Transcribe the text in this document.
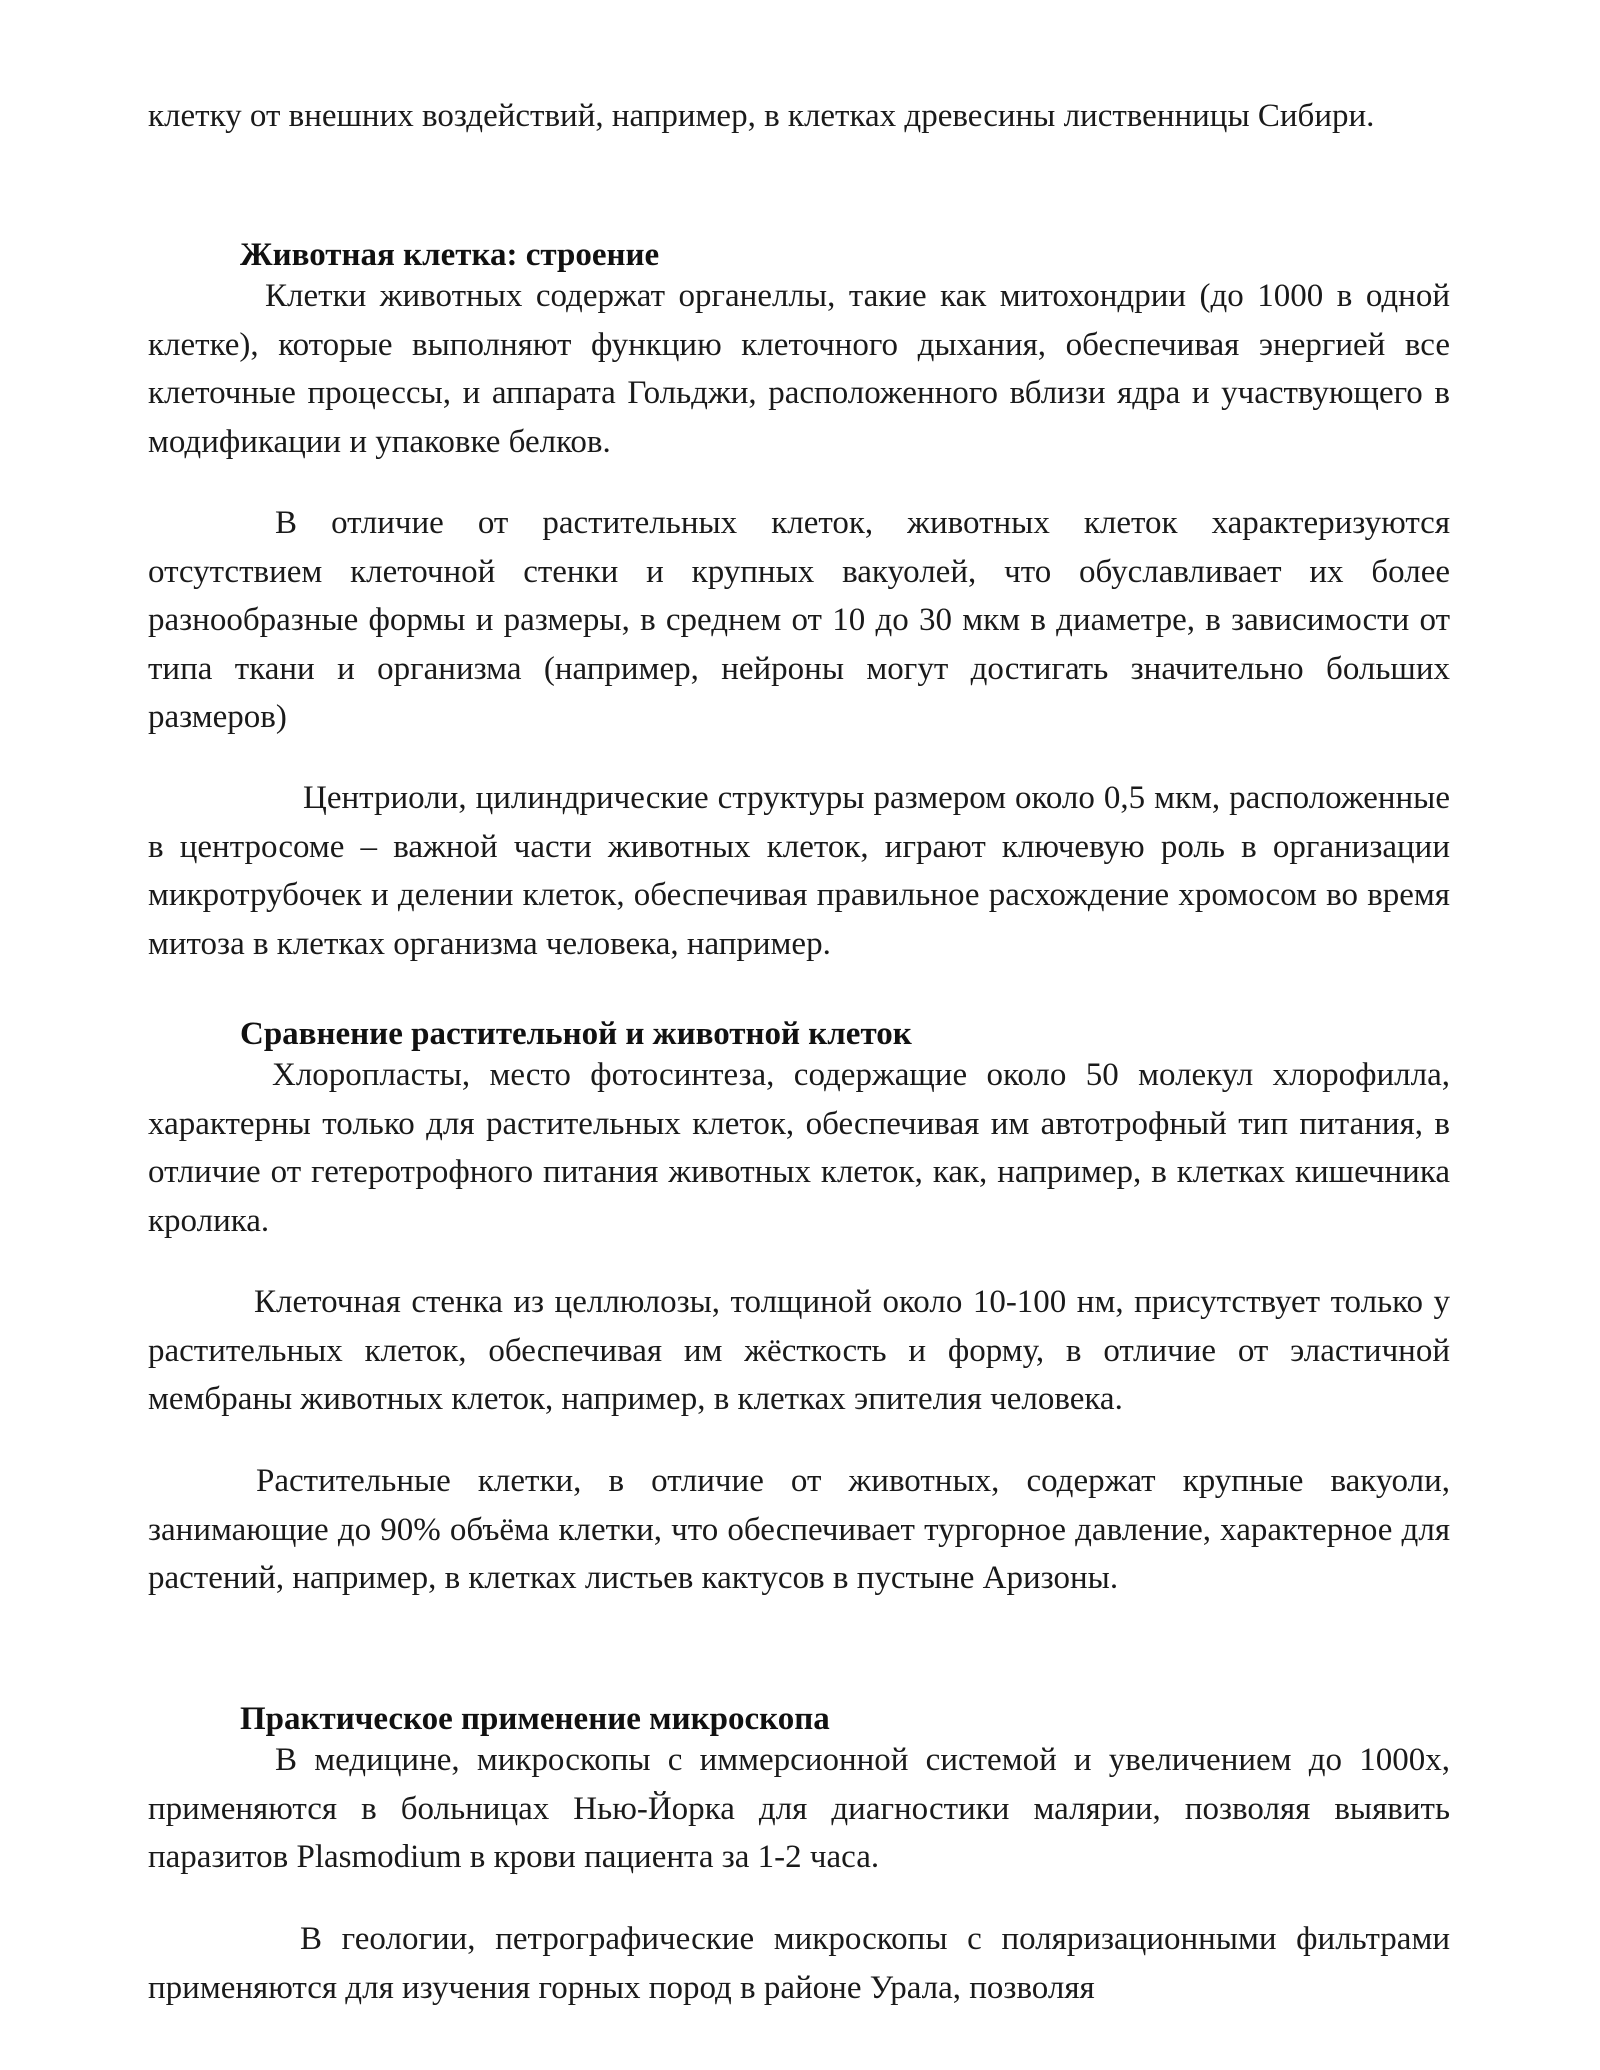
клетку от внешних воздействий, например, в клетках древесины лиственницы Сибири.

Животная клетка: строение

Клетки животных содержат органеллы, такие как митохондрии (до 1000 в одной клетке), которые выполняют функцию клеточного дыхания, обеспечивая энергией все клеточные процессы, и аппарата Гольджи, расположенного вблизи ядра и участвующего в модификации и упаковке белков.

В отличие от растительных клеток, животных клеток характеризуются отсутствием клеточной стенки и крупных вакуолей, что обуславливает их более разнообразные формы и размеры, в среднем от 10 до 30 мкм в диаметре, в зависимости от типа ткани и организма (например, нейроны могут достигать значительно больших размеров)

Центриоли, цилиндрические структуры размером около 0,5 мкм, расположенные в центросоме – важной части животных клеток, играют ключевую роль в организации микротрубочек и делении клеток, обеспечивая правильное расхождение хромосом во время митоза в клетках организма человека, например.

Сравнение растительной и животной клеток

Хлоропласты, место фотосинтеза, содержащие около 50 молекул хлорофилла, характерны только для растительных клеток, обеспечивая им автотрофный тип питания, в отличие от гетеротрофного питания животных клеток, как, например, в клетках кишечника кролика.

Клеточная стенка из целлюлозы, толщиной около 10-100 нм, присутствует только у растительных клеток, обеспечивая им жёсткость и форму, в отличие от эластичной мембраны животных клеток, например, в клетках эпителия человека.

Растительные клетки, в отличие от животных, содержат крупные вакуоли, занимающие до 90% объёма клетки, что обеспечивает тургорное давление, характерное для растений, например, в клетках листьев кактусов в пустыне Аризоны.

Практическое применение микроскопа

В медицине, микроскопы с иммерсионной системой и увеличением до 1000х, применяются в больницах Нью-Йорка для диагностики малярии, позволяя выявить паразитов Plasmodium в крови пациента за 1-2 часа.

В геологии, петрографические микроскопы с поляризационными фильтрами применяются для изучения горных пород в районе Урала, позволяя
